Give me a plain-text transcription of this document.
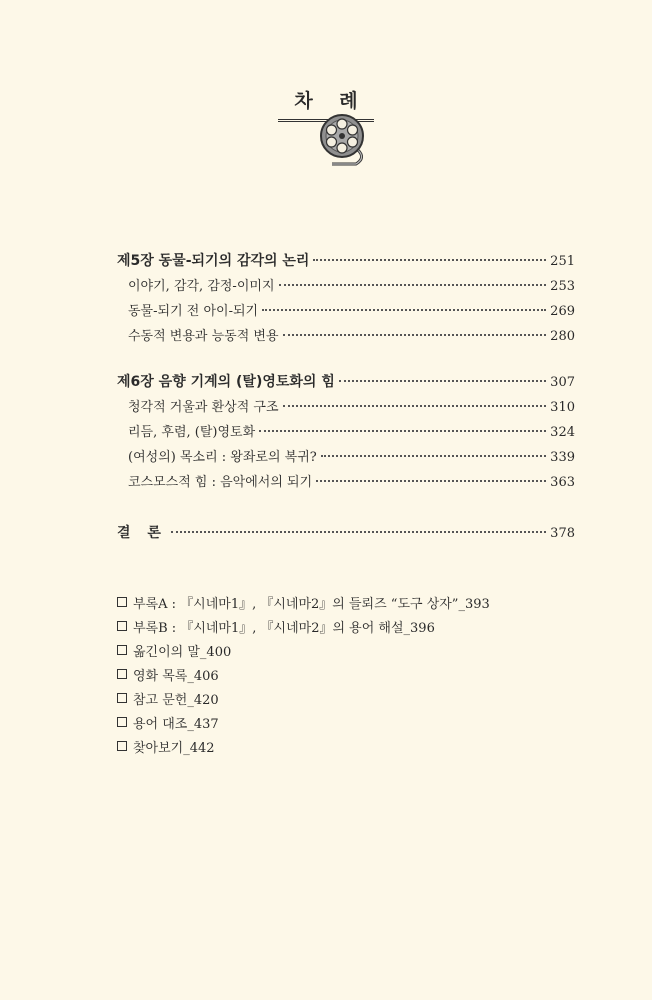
차 례
제5장 동물-되기의 감각의 논리	251
이야기, 감각, 감정-이미지	253
동물-되기 전 아이-되기	269
수동적 변용과 능동적 변용	280
제6장 음향 기계의 (탈)영토화의 힘	307
청각적 거울과 환상적 구조	310
리듬, 후렴, (탈)영토화	324
(여성의) 목소리 : 왕좌로의 복귀?	339
코스모스적 힘 : 음악에서의 되기	363
결 론	378
부록A : 『시네마1』, 『시네마2』의 들뢰즈 “도구 상자”_393
부록B : 『시네마1』, 『시네마2』의 용어 해설_396
옮긴이의 말_400
영화 목록_406
참고 문헌_420
용어 대조_437
찾아보기_442
